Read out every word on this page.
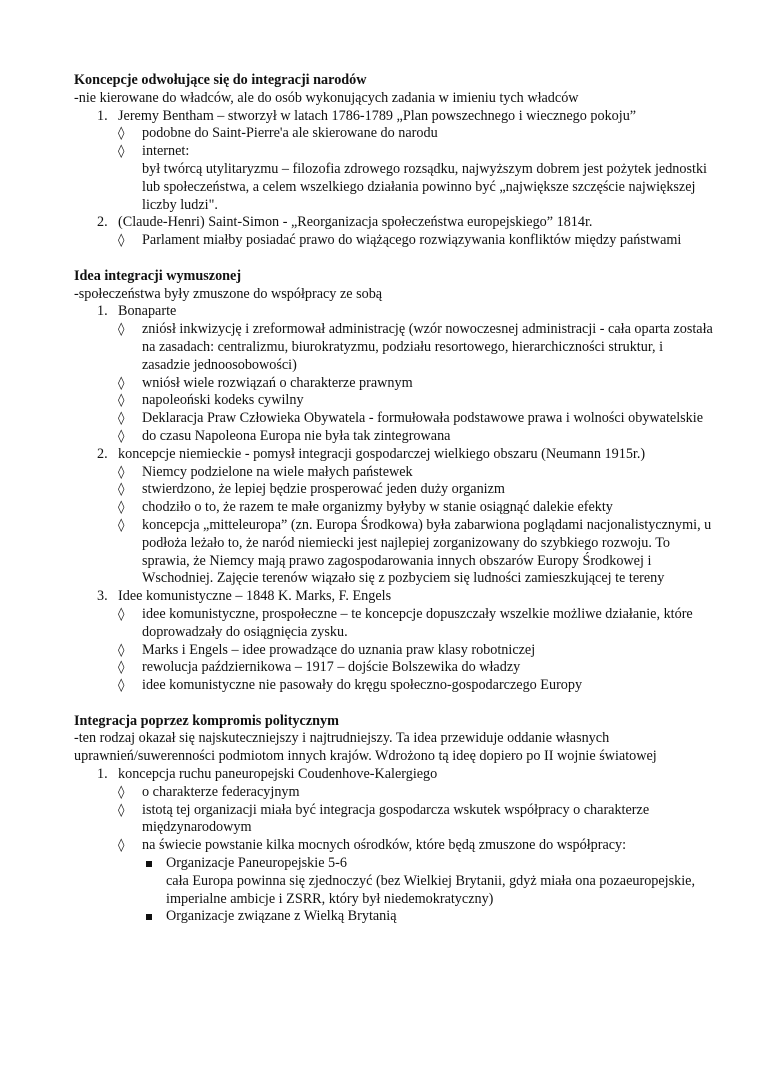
Koncepcje odwołujące się do integracji narodów
-nie kierowane do władców, ale do osób wykonujących zadania w imieniu tych władców
1. Jeremy Bentham – stworzył w latach 1786-1789 „Plan powszechnego i wiecznego pokoju”
◊ podobne do Saint-Pierre'a ale skierowane do narodu
◊ internet:
był twórcą utylitaryzmu – filozofia zdrowego rozsądku, najwyższym dobrem jest pożytek jednostki lub społeczeństwa, a celem wszelkiego działania powinno być „największe szczęście największej liczby ludzi".
2. (Claude-Henri) Saint-Simon - „Reorganizacja społeczeństwa europejskiego” 1814r.
◊ Parlament miałby posiadać prawo do wiążącego rozwiązywania konfliktów między państwami
Idea integracji wymuszonej
-społeczeństwa były zmuszone do współpracy ze sobą
1. Bonaparte
◊ zniósł inkwizycję i zreformował administrację (wzór nowoczesnej administracji - cała oparta została na zasadach: centralizmu, biurokratyzmu, podziału resortowego, hierarchiczności struktur, i zasadzie jednoosobowości)
◊ wniósł wiele rozwiązań o charakterze prawnym
◊ napoleoński kodeks cywilny
◊ Deklaracja Praw Człowieka Obywatela - formułowała podstawowe prawa i wolności obywatelskie
◊ do czasu Napoleona Europa nie była tak zintegrowana
2. koncepcje niemieckie - pomysł integracji gospodarczej wielkiego obszaru (Neumann 1915r.)
◊ Niemcy podzielone na wiele małych państewek
◊ stwierdzono, że lepiej będzie prosperować jeden duży organizm
◊ chodziło o to, że razem te małe organizmy byłyby w stanie osiągnąć dalekie efekty
◊ koncepcja „mitteleuropa” (zn. Europa Środkowa) była zabarwiona poglądami nacjonalistycznymi, u podłoża leżało to, że naród niemiecki jest najlepiej zorganizowany do szybkiego rozwoju. To sprawia, że Niemcy mają prawo zagospodarowania innych obszarów Europy Środkowej i Wschodniej. Zajęcie terenów wiązało się z pozbyciem się ludności zamieszkującej te tereny
3. Idee komunistyczne – 1848 K. Marks, F. Engels
◊ idee komunistyczne, prospołeczne – te koncepcje dopuszczały wszelkie możliwe działanie, które doprowadzały do osiągnięcia zysku.
◊ Marks i Engels – idee prowadzące do uznania praw klasy robotniczej
◊ rewolucja październikowa – 1917 – dojście Bolszewika do władzy
◊ idee komunistyczne nie pasowały do kręgu społeczno-gospodarczego Europy
Integracja poprzez kompromis politycznym
-ten rodzaj okazał się najskuteczniejszy i najtrudniejszy. Ta idea przewiduje oddanie własnych uprawnień/suwerenności podmiotom innych krajów. Wdrożono tą ideę dopiero po II wojnie światowej
1. koncepcja ruchu paneuropejski Coudenhove-Kalergiego
◊ o charakterze federacyjnym
◊ istotą tej organizacji miała być integracja gospodarcza wskutek współpracy o charakterze międzynarodowym
◊ na świecie powstanie kilka mocnych ośrodków, które będą zmuszone do współpracy:
Organizacje Paneuropejskie 5-6
cała Europa powinna się zjednoczyć (bez Wielkiej Brytanii, gdyż miała ona pozaeuropejskie, imperialne ambicje i ZSRR, który był niedemokratyczny)
Organizacje związane z Wielką Brytanią
